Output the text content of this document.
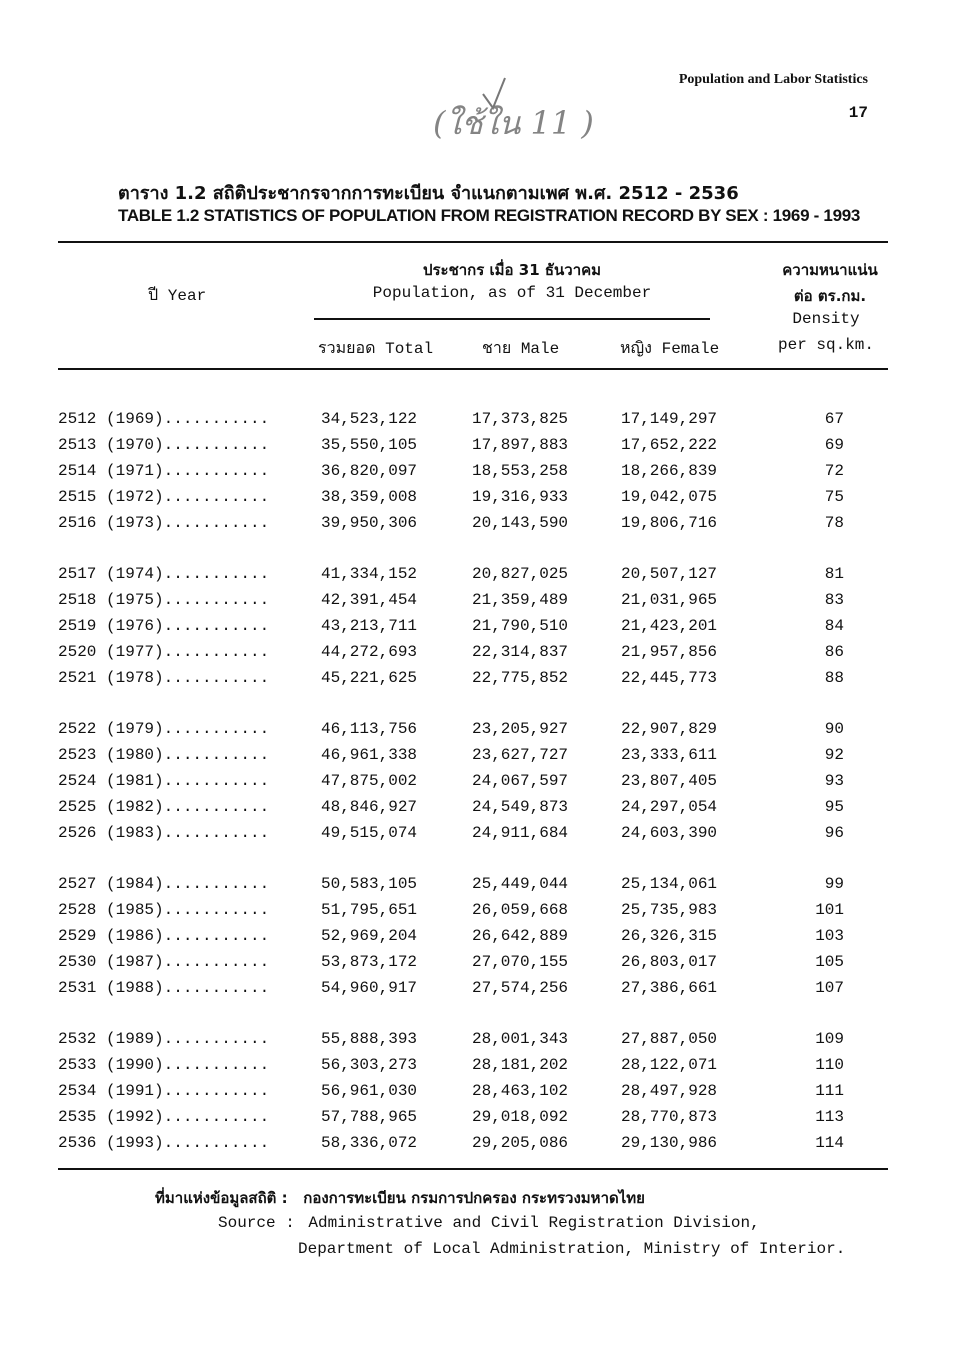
Population and Labor Statistics
17
(ใช้ใน 11 )
ตาราง 1.2 สถิติประชากรจากการทะเบียน จำแนกตามเพศ พ.ศ. 2512 - 2536
TABLE 1.2 STATISTICS OF POPULATION FROM REGISTRATION RECORD BY SEX : 1969 - 1993
ปี Year
ประชากร เมื่อ 31 ธันวาคม
Population, as of 31 December
รวมยอด Total	ชาย Male	หญิง Female
ความหนาแน่น
ต่อ ตร.กม.
Density
per sq.km.
2512 (1969)...........	34,523,122	17,373,825	17,149,297	67
2513 (1970)...........	35,550,105	17,897,883	17,652,222	69
2514 (1971)...........	36,820,097	18,553,258	18,266,839	72
2515 (1972)...........	38,359,008	19,316,933	19,042,075	75
2516 (1973)...........	39,950,306	20,143,590	19,806,716	78
2517 (1974)...........	41,334,152	20,827,025	20,507,127	81
2518 (1975)...........	42,391,454	21,359,489	21,031,965	83
2519 (1976)...........	43,213,711	21,790,510	21,423,201	84
2520 (1977)...........	44,272,693	22,314,837	21,957,856	86
2521 (1978)...........	45,221,625	22,775,852	22,445,773	88
2522 (1979)...........	46,113,756	23,205,927	22,907,829	90
2523 (1980)...........	46,961,338	23,627,727	23,333,611	92
2524 (1981)...........	47,875,002	24,067,597	23,807,405	93
2525 (1982)...........	48,846,927	24,549,873	24,297,054	95
2526 (1983)...........	49,515,074	24,911,684	24,603,390	96
2527 (1984)...........	50,583,105	25,449,044	25,134,061	99
2528 (1985)...........	51,795,651	26,059,668	25,735,983	101
2529 (1986)...........	52,969,204	26,642,889	26,326,315	103
2530 (1987)...........	53,873,172	27,070,155	26,803,017	105
2531 (1988)...........	54,960,917	27,574,256	27,386,661	107
2532 (1989)...........	55,888,393	28,001,343	27,887,050	109
2533 (1990)...........	56,303,273	28,181,202	28,122,071	110
2534 (1991)...........	56,961,030	28,463,102	28,497,928	111
2535 (1992)...........	57,788,965	29,018,092	28,770,873	113
2536 (1993)...........	58,336,072	29,205,086	29,130,986	114
ที่มาแห่งข้อมูลสถิติ : กองการทะเบียน กรมการปกครอง กระทรวงมหาดไทย
Source : Administrative and Civil Registration Division,
Department of Local Administration, Ministry of Interior.
